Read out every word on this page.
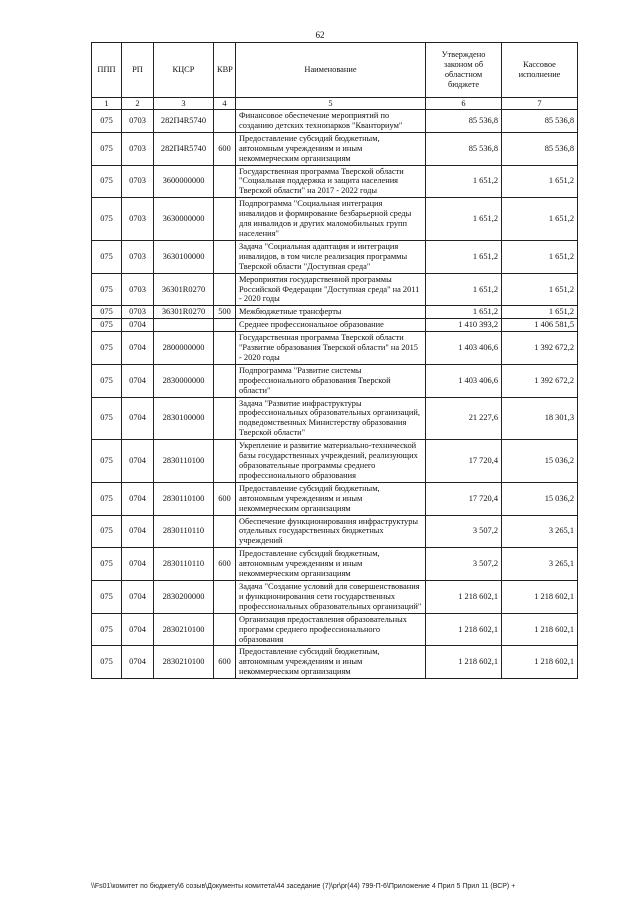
62
ППП	РП	КЦСР	КВР	Наименование	Утверждено законом об областном бюджете	Кассовое исполнение
1	2	3	4	5	6	7
075	0703	282П4R5740		Финансовое обеспечение мероприятий по созданию детских технопарков "Кванториум"	85 536,8	85 536,8
075	0703	282П4R5740	600	Предоставление субсидий бюджетным, автономным учреждениям и иным некоммерческим организациям	85 536,8	85 536,8
075	0703	3600000000		Государственная программа Тверской области "Социальная поддержка и защита населения Тверской области" на 2017 - 2022 годы	1 651,2	1 651,2
075	0703	3630000000		Подпрограмма "Социальная интеграция инвалидов и формирование безбарьерной среды для инвалидов и других маломобильных групп населения"	1 651,2	1 651,2
075	0703	3630100000		Задача "Социальная адаптация и интеграция инвалидов, в том числе реализация программы Тверской области "Доступная среда"	1 651,2	1 651,2
075	0703	36301R0270		Мероприятия государственной программы Российской Федерации "Доступная среда" на 2011 - 2020 годы	1 651,2	1 651,2
075	0703	36301R0270	500	Межбюджетные трансферты	1 651,2	1 651,2
075	0704			Среднее профессиональное образование	1 410 393,2	1 406 581,5
075	0704	2800000000		Государственная программа Тверской области "Развитие образования Тверской области" на 2015 - 2020 годы	1 403 406,6	1 392 672,2
075	0704	2830000000		Подпрограмма "Развитие системы профессионального образования Тверской области"	1 403 406,6	1 392 672,2
075	0704	2830100000		Задача "Развитие инфраструктуры профессиональных образовательных организаций, подведомственных Министерству образования Тверской области"	21 227,6	18 301,3
075	0704	2830110100		Укрепление и развитие материально-технической базы государственных учреждений, реализующих образовательные программы среднего профессионального образования	17 720,4	15 036,2
075	0704	2830110100	600	Предоставление субсидий бюджетным, автономным учреждениям и иным некоммерческим организациям	17 720,4	15 036,2
075	0704	2830110110		Обеспечение функционирования инфраструктуры отдельных государственных бюджетных учреждений	3 507,2	3 265,1
075	0704	2830110110	600	Предоставление субсидий бюджетным, автономным учреждениям и иным некоммерческим организациям	3 507,2	3 265,1
075	0704	2830200000		Задача "Создание условий для совершенствования и функционирования сети государственных профессиональных образовательных организаций"	1 218 602,1	1 218 602,1
075	0704	2830210100		Организация предоставления образовательных программ среднего профессионального образования	1 218 602,1	1 218 602,1
075	0704	2830210100	600	Предоставление субсидий бюджетным, автономным учреждениям и иным некоммерческим организациям	1 218 602,1	1 218 602,1
\\Fs01\комитет по бюджету\6 созыв\Документы комитета\44 заседание (7)\pr\pr(44) 799-П-6\Приложение 4 Прил 5 Прил 11 (ВСР) +
